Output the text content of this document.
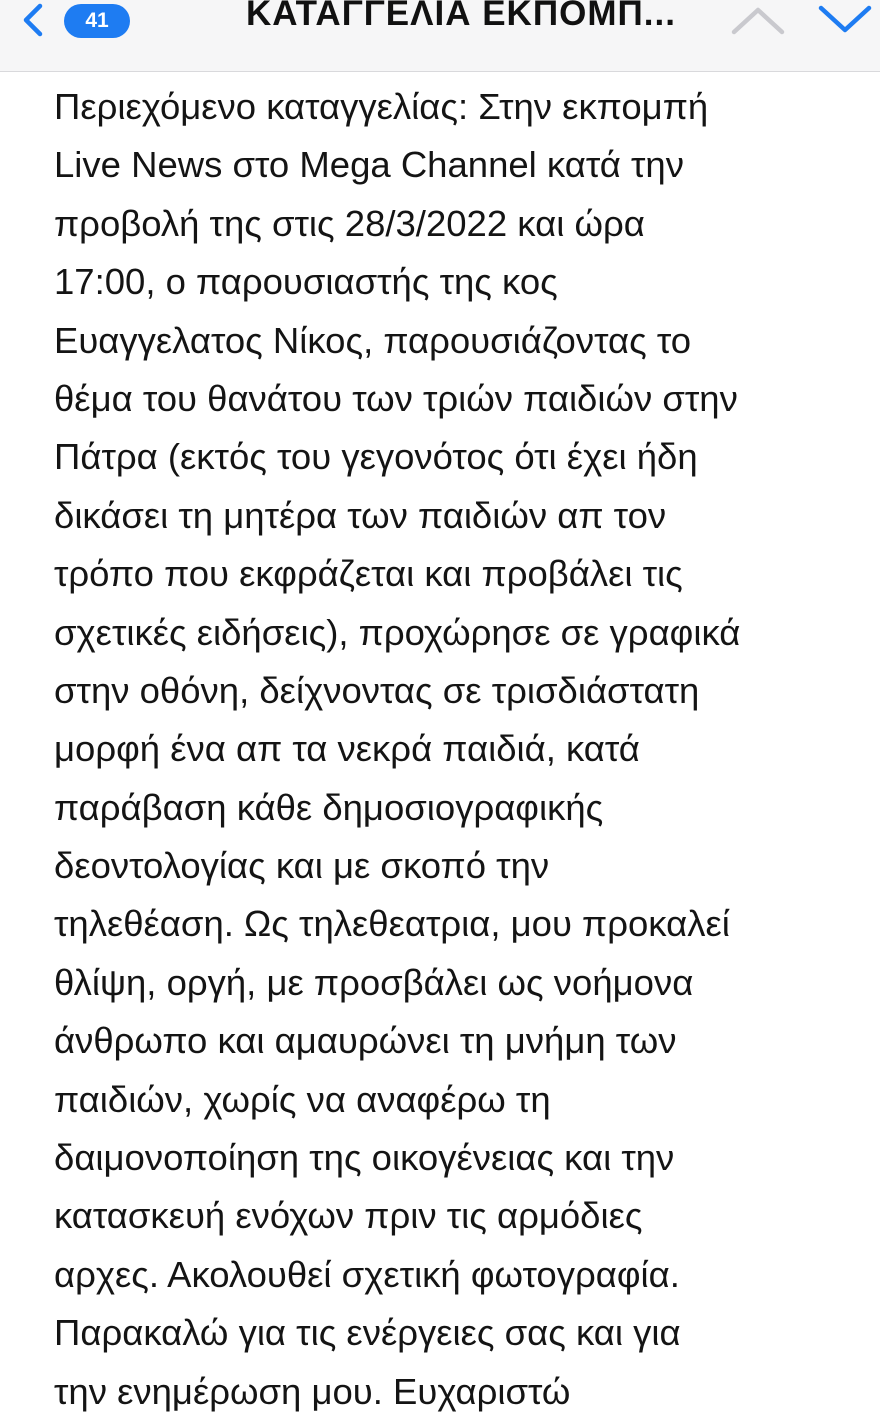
41	ΚΑΤΑΓΓΕΛΙΑ ΕΚΠΟΜΠ...
Περιεχόμενο καταγγελίας: Στην εκπομπή
Live News στο Mega Channel κατά την
προβολή της στις 28/3/2022 και ώρα
17:00, ο παρουσιαστής της κος
Ευαγγελατος Νίκος, παρουσιάζοντας το
θέμα του θανάτου των τριών παιδιών στην
Πάτρα (εκτός του γεγονότος ότι έχει ήδη
δικάσει τη μητέρα των παιδιών απ τον
τρόπο που εκφράζεται και προβάλει τις
σχετικές ειδήσεις), προχώρησε σε γραφικά
στην οθόνη, δείχνοντας σε τρισδιάστατη
μορφή ένα απ τα νεκρά παιδιά, κατά
παράβαση κάθε δημοσιογραφικής
δεοντολογίας και με σκοπό την
τηλεθέαση. Ως τηλεθεατρια, μου προκαλεί
θλίψη, οργή, με προσβάλει ως νοήμονα
άνθρωπο και αμαυρώνει τη μνήμη των
παιδιών, χωρίς να αναφέρω τη
δαιμονοποίηση της οικογένειας και την
κατασκευή ενόχων πριν τις αρμόδιες
αρχες. Ακολουθεί σχετική φωτογραφία.
Παρακαλώ για τις ενέργειες σας και για
την ενημέρωση μου. Ευχαριστώ
